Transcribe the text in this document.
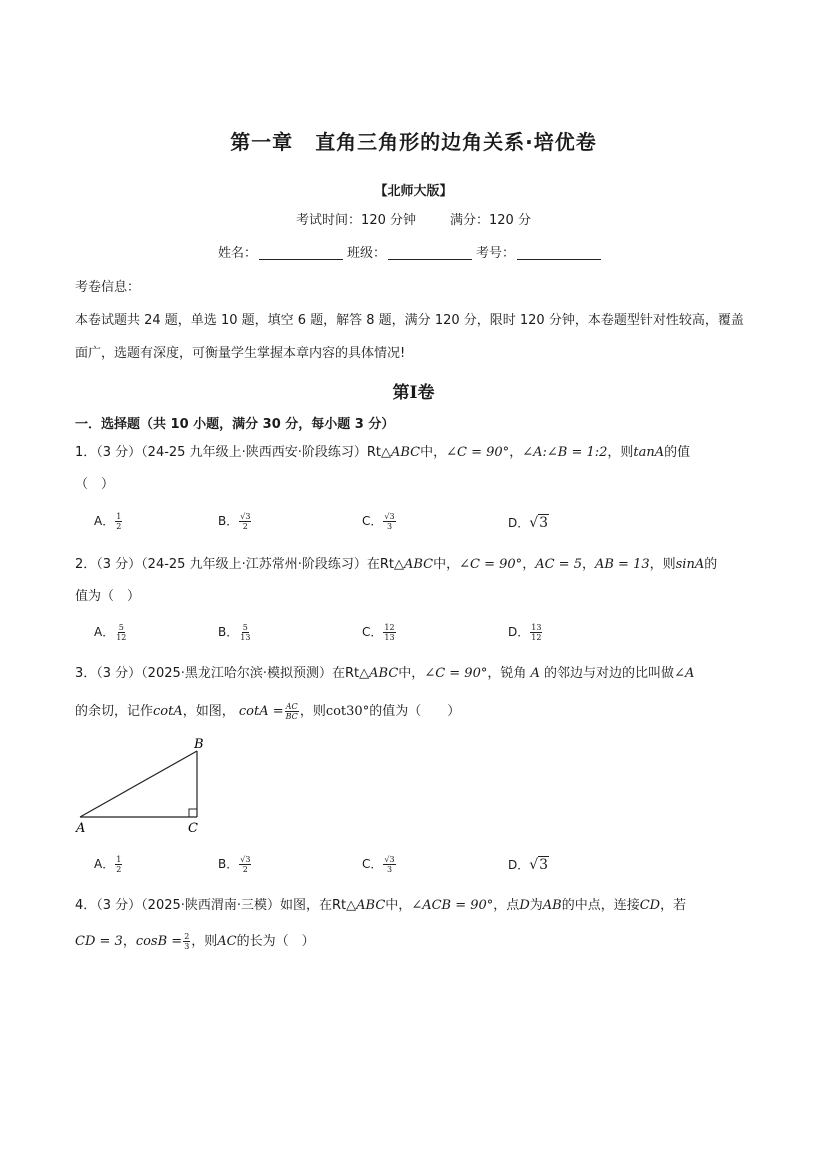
第一章 直角三角形的边角关系·培优卷
【北师大版】
考试时间：120 分钟	满分：120 分
姓名：	班级：	考号：
考卷信息：
本卷试题共 24 题，单选 10 题，填空 6 题，解答 8 题，满分 120 分，限时 120 分钟，本卷题型针对性较高，覆盖
面广，选题有深度，可衡量学生掌握本章内容的具体情况!
第Ⅰ卷
一．选择题（共 10 小题，满分 30 分，每小题 3 分）
1．（3 分）（24-25 九年级上·陕西西安·阶段练习）Rt△ABC中，∠C = 90°，∠A:∠B = 1:2，则tanA的值
（　）
A． $\frac{1}{2}$	B． $\frac{√3}{2}$	C． $\frac{√3}{3}$	D．√3
2．（3 分）（24-25 九年级上·江苏常州·阶段练习）在Rt△ABC中，∠C = 90°，AC = 5，AB = 13，则sinA的
值为（　）
A． $\frac{5}{12}$	B． $\frac{5}{13}$	C． $\frac{12}{13}$	D． $\frac{13}{12}$
3．（3 分）（2025·黑龙江哈尔滨·模拟预测）在Rt△ABC中，∠C = 90°，锐角 A 的邻边与对边的比叫做∠A
的余切，记作cotA，如图， $\cot A = \frac{AC}{BC}$ ，则cot30°的值为（　　）
A	C
B
A． $\frac{1}{2}$	B． $\frac{√3}{2}$	C． $\frac{√3}{3}$	D．√3
4．（3 分）（2025·陕西渭南·三模）如图，在Rt△ABC中，∠ACB = 90°，点D为AB的中点，连接CD，若
CD = 3，$\cos B = \frac{2}{3}$ ，则AC的长为（　）
